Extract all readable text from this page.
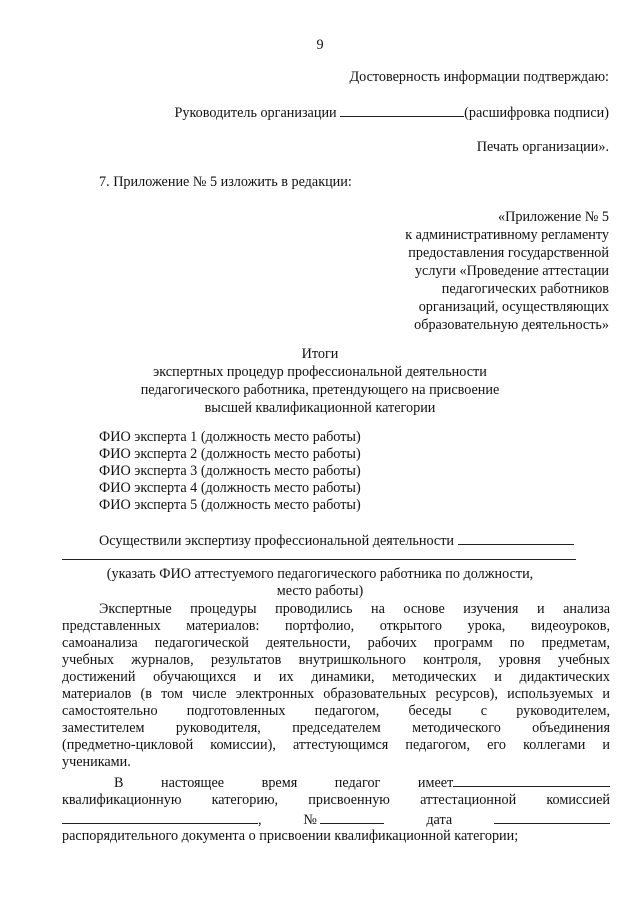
9
Достоверность информации подтверждаю:
Руководитель организации	(расшифровка подписи)
Печать организации».
7. Приложение № 5 изложить в редакции:
«Приложение № 5
к административному регламенту
предоставления государственной
услуги «Проведение аттестации
педагогических работников
организаций, осуществляющих
образовательную деятельность»
Итоги
экспертных процедур профессиональной деятельности
педагогического работника, претендующего на присвоение
высшей квалификационной категории
ФИО эксперта 1 (должность место работы)
ФИО эксперта 2 (должность место работы)
ФИО эксперта 3 (должность место работы)
ФИО эксперта 4 (должность место работы)
ФИО эксперта 5 (должность место работы)
Осуществили экспертизу профессиональной деятельности
(указать ФИО аттестуемого педагогического работника по должности,
место работы)
Экспертные процедуры проводились на основе изучения и анализа
представленных материалов: портфолио, открытого урока, видеоуроков,
самоанализа педагогической деятельности, рабочих программ по предметам,
учебных журналов, результатов внутришкольного контроля, уровня учебных
достижений обучающихся и их динамики, методических и дидактических
материалов (в том числе электронных образовательных ресурсов), используемых и
самостоятельно подготовленных педагогом, беседы с руководителем,
заместителем руководителя, председателем методического объединения
(предметно-цикловой комиссии), аттестующимся педагогом, его коллегами и
учениками.
В настоящее время педагог имеет
квалификационную категорию, присвоенную аттестационной комиссией
,	№	дата
распорядительного документа о присвоении квалификационной категории;
